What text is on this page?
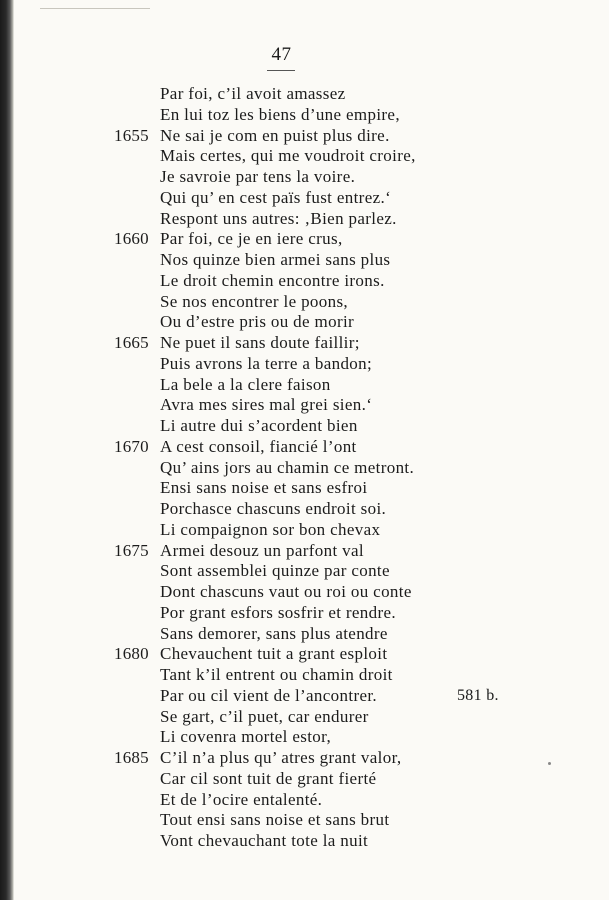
47
Par foi, c’il avoit amassez
En lui toz les biens d’une empire,
1655 Ne sai je com en puist plus dire.
Mais certes, qui me voudroit croire,
Je savroie par tens la voire.
Qui qu’ en cest païs fust entrez.‘
Respont uns autres: ‚Bien parlez.
1660 Par foi, ce je en iere crus,
Nos quinze bien armei sans plus
Le droit chemin encontre irons.
Se nos encontrer le poons,
Ou d’estre pris ou de morir
1665 Ne puet il sans doute faillir;
Puis avrons la terre a bandon;
La bele a la clere faison
Avra mes sires mal grei sien.‘
Li autre dui s’acordent bien
1670 A cest consoil, fiancié l’ont
Qu’ ains jors au chamin ce metront.
Ensi sans noise et sans esfroi
Porchasce chascuns endroit soi.
Li compaignon sor bon chevax
1675 Armei desouz un parfont val
Sont assemblei quinze par conte
Dont chascuns vaut ou roi ou conte
Por grant esfors sosfrir et rendre.
Sans demorer, sans plus atendre
1680 Chevauchent tuit a grant esploit
Tant k’il entrent ou chamin droit
Par ou cil vient de l’ancontrer.	581 b.
Se gart, c’il puet, car endurer
Li covenra mortel estor,
1685 C’il n’a plus qu’ atres grant valor,
Car cil sont tuit de grant fierté
Et de l’ocire entalenté.
Tout ensi sans noise et sans brut
Vont chevauchant tote la nuit
